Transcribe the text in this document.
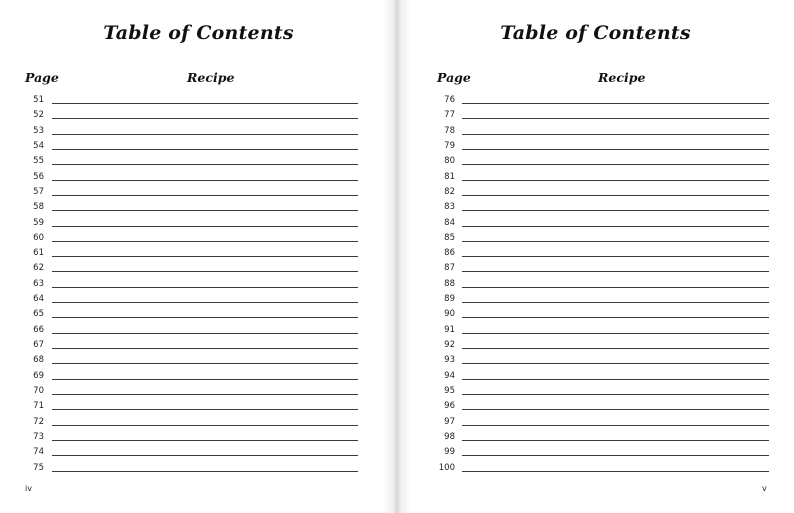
Table of Contents
Page	Recipe
51
52
53
54
55
56
57
58
59
60
61
62
63
64
65
66
67
68
69
70
71
72
73
74
75
iv
Table of Contents
Page	Recipe
76
77
78
79
80
81
82
83
84
85
86
87
88
89
90
91
92
93
94
95
96
97
98
99
100
v
